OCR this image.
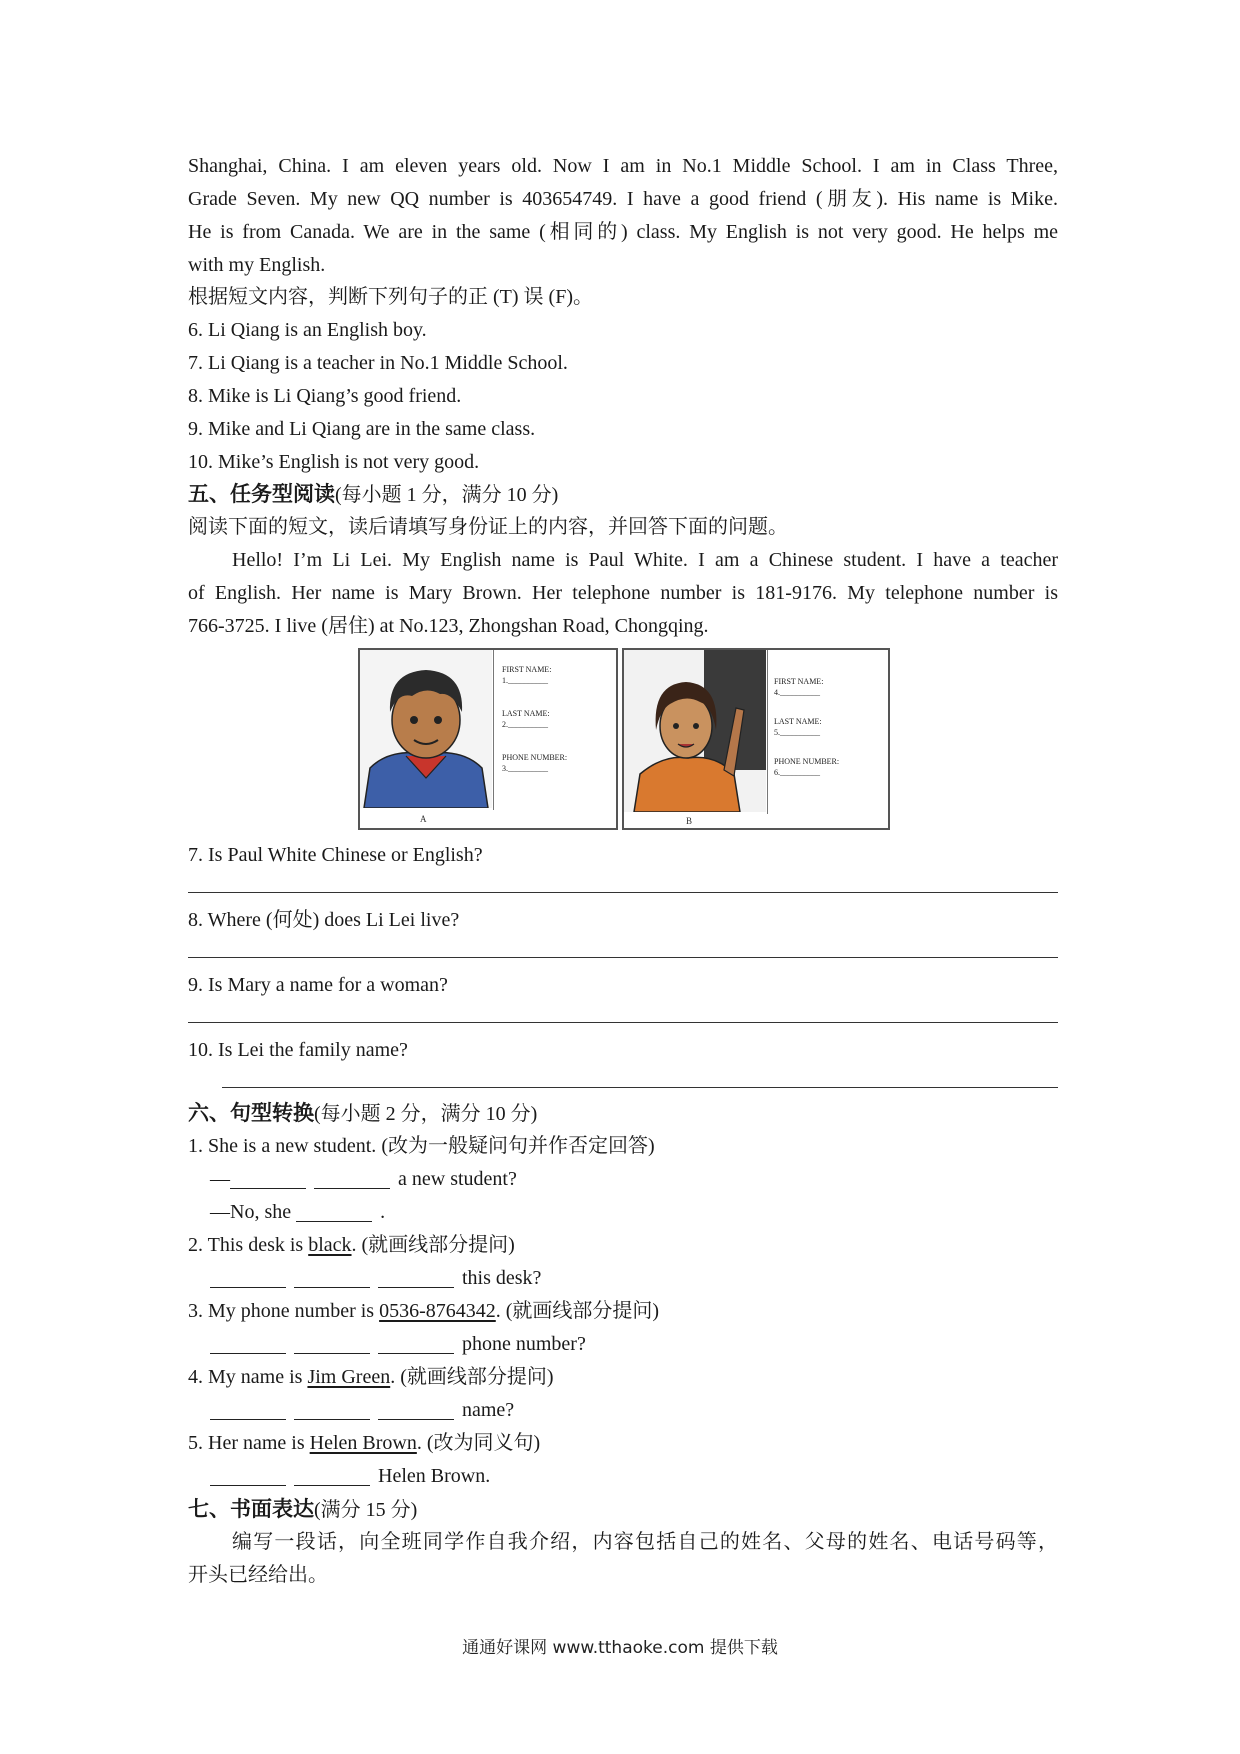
Shanghai, China. I am eleven years old. Now I am in No.1 Middle School. I am in Class Three,
Grade Seven. My new QQ number is 403654749. I have a good friend (朋友). His name is Mike.
He is from Canada. We are in the same (相同的) class. My English is not very good. He helps me
with my English.
根据短文内容，判断下列句子的正 (T) 误 (F)。
6. Li Qiang is an English boy.
7. Li Qiang is a teacher in No.1 Middle School.
8. Mike is Li Qiang’s good friend.
9. Mike and Li Qiang are in the same class.
10. Mike’s English is not very good.
五、任务型阅读(每小题 1 分，满分 10 分)
阅读下面的短文，读后请填写身份证上的内容，并回答下面的问题。
Hello! I’m Li Lei. My English name is Paul White. I am a Chinese student. I have a teacher
of English. Her name is Mary Brown. Her telephone number is 181-9176. My telephone number is
766-3725. I live (居住) at No.123, Zhongshan Road, Chongqing.
FIRST NAME:
1.__________
LAST NAME:
2.__________
PHONE NUMBER:
3.__________
A
FIRST NAME:
4.__________
LAST NAME:
5.__________
PHONE NUMBER:
6.__________
B
7. Is Paul White Chinese or English?
8. Where (何处) does Li Lei live?
9. Is Mary a name for a woman?
10. Is Lei the family name?
六、句型转换(每小题 2 分，满分 10 分)
1. She is a new student. (改为一般疑问句并作否定回答)
—	a new student?
—No, she	.
2. This desk is black. (就画线部分提问)
this desk?
3. My phone number is 0536-8764342. (就画线部分提问)
phone number?
4. My name is Jim Green. (就画线部分提问)
name?
5. Her name is Helen Brown. (改为同义句)
Helen Brown.
七、书面表达(满分 15 分)
编写一段话，向全班同学作自我介绍，内容包括自己的姓名、父母的姓名、电话号码等，
开头已经给出。
通通好课网 www.tthaoke.com 提供下载
